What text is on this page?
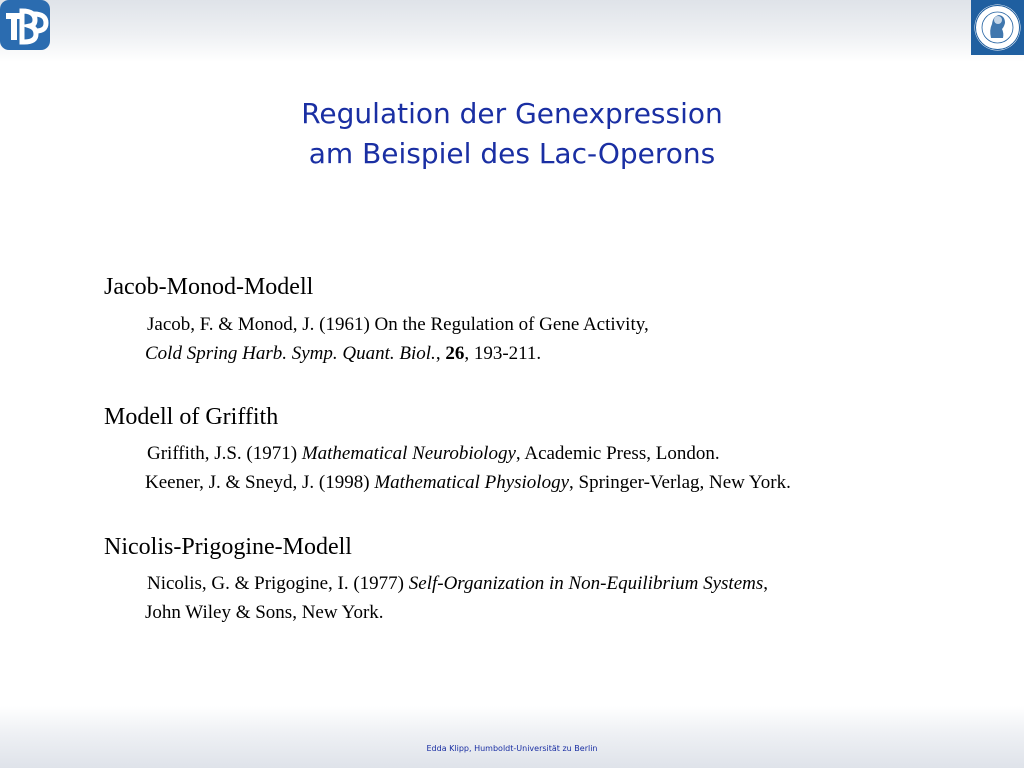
Regulation der Genexpression
am Beispiel des Lac-Operons
Jacob-Monod-Modell
Jacob, F. & Monod, J. (1961) On the Regulation of Gene Activity,
Cold Spring Harb. Symp. Quant. Biol., 26, 193-211.
Modell of Griffith
Griffith, J.S. (1971) Mathematical Neurobiology, Academic Press, London.
Keener, J. & Sneyd, J. (1998) Mathematical Physiology, Springer-Verlag, New York.
Nicolis-Prigogine-Modell
Nicolis, G. & Prigogine, I. (1977) Self-Organization in Non-Equilibrium Systems,
John Wiley & Sons, New York.
Edda Klipp, Humboldt-Universität zu Berlin
